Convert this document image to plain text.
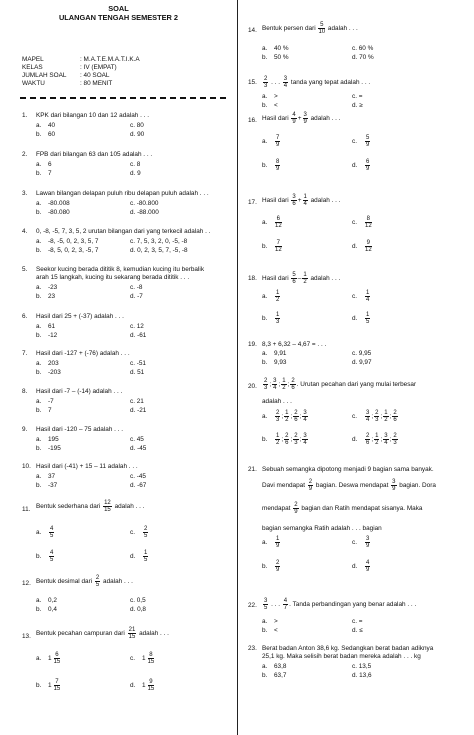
SOAL
ULANGAN TENGAH SEMESTER 2
MAPEL	: M.A.T.E.M.A.T.I.K.A
KELAS	: IV (EMPAT)
JUMLAH SOAL	: 40 SOAL
WAKTU	: 80 MENIT
1.	KPK dari bilangan 10 dan 12 adalah . . .
a. 40
b. 60
c. 80
d. 90
2.	FPB dari bilangan 63 dan 105 adalah . . .
a. 6
b. 7
c. 8
d. 9
3.	Lawan bilangan delapan puluh ribu delapan puluh adalah . . .
a. -80.008
b. -80.080
c. -80.800
d. -88.000
4.	0, -8, -5, 7, 3, 5, 2 urutan bilangan dari yang terkecil adalah . .
a. -8, -5, 0, 2, 3, 5, 7
b. -8, 5, 0, 2, 3, -5, 7
c. 7, 5, 3, 2, 0, -5, -8
d. 0, 2, 3, 5, 7, -5, -8
5.	Seekor kucing berada dititik 8, kemudian kucing itu berbalik
arah 15 langkah, kucing itu sekarang berada dititik . . .
a. -23
b. 23
c. -8
d. -7
6.	Hasil dari 25 + (-37) adalah . . .
a. 61
b. -12
c. 12
d. -61
7.	Hasil dari -127 + (-76) adalah . . .
a. 203
b. -203
c. -51
d. 51
8.	Hasil dari -7 – (-14) adalah . . .
a. -7
b. 7
c. 21
d. -21
9.	Hasil dari -120 – 75 adalah . . .
a. 195
b. -195
c. 45
d. -45
10. Hasil dari (-41) + 15 – 11 adalah . . .
a. 37
b. -37
c. -45
d. -67
11. Bentuk sederhana dari
$\frac{12}{15}$
adalah . . .
a.	$\frac{4}{5}$
b.	$\frac{4}{5}$
c.	$\frac{2}{5}$
d.	$\frac{1}{5}$
12. Bentuk desimal dari
$\frac{2}{5}$
adalah . . .
a. 0,2
b. 0,4
c. 0,5
d. 0,8
13. Bentuk pecahan campuran dari
$\frac{21}{15}$
adalah . . .
a.	$1 \frac{6}{15}$
b.	$1 \frac{7}{15}$
c.	$1 \frac{8}{15}$
d.	$1 \frac{9}{15}$
14. Bentuk persen dari
$\frac{5}{10}$
adalah . . .
a. 40 %
b. 50 %
c. 60 %
d. 70 %
15.	$\frac{2}{3}$
. . .
$\frac{3}{4}$
tanda yang tepat adalah . . .
a. >
b. <
c. =
d. ≥
16. Hasil dari
$\frac{4}{9} + \frac{3}{9}$
adalah . . .
a.	$\frac{7}{9}$
b.	$\frac{8}{9}$
c.	$\frac{5}{9}$
d.	$\frac{6}{9}$
17. Hasil dari
$\frac{3}{6} + \frac{1}{4}$
adalah . . .
a.	$\frac{6}{12}$
b.	$\frac{7}{12}$
c.	$\frac{8}{12}$
d.	$\frac{9}{12}$
18. Hasil dari
$\frac{5}{6} - \frac{1}{2}$
adalah . . .
a.	$\frac{1}{2}$
b.	$\frac{1}{3}$
c.	$\frac{1}{4}$
d.	$\frac{1}{5}$
19. 8,3 + 6,32 – 4,67 = . . .
a. 9,91
b. 9,93
c. 9,95
d. 9,97
20.	$\frac{2}{3}$ ; $\frac{3}{4}$ ; $\frac{1}{2}$ ; $\frac{2}{6}$ . Urutan pecahan dari yang mulai terbesar
adalah . . .
a.	$\frac{2}{3}$ ; $\frac{1}{2}$ ; $\frac{2}{6}$ ; $\frac{3}{4}$
b.	$\frac{1}{2}$ ; $\frac{2}{6}$ ; $\frac{2}{3}$ ; $\frac{3}{4}$
c.	$\frac{3}{4}$ ; $\frac{2}{3}$ ; $\frac{1}{2}$ ; $\frac{2}{6}$
d.	$\frac{2}{6}$ ; $\frac{1}{2}$ ; $\frac{3}{4}$ ; $\frac{2}{3}$
21. Sebuah semangka dipotong menjadi 9 bagian sama banyak.
Davi mendapat
$\frac{2}{9}$
bagian. Deswa mendapat
$\frac{3}{9}$
bagian. Dora
mendapat
$\frac{2}{9}$
bagian dan Ratih mendapat sisanya. Maka
bagian semangka Ratih adalah . . . bagian
a.	$\frac{1}{9}$
b.	$\frac{2}{9}$
c.	$\frac{3}{9}$
d.	$\frac{4}{9}$
22.	$\frac{3}{5}$
. . .
$\frac{4}{7}$ . Tanda perbandingan yang benar adalah . . .
a. >
b. <
c. =
d. ≤
23. Berat badan Anton 38,6 kg. Sedangkan berat badan adiknya
25,1 kg. Maka selisih berat badan mereka adalah . . . kg
a. 63,8
b. 63,7
c. 13,5
d. 13,6
